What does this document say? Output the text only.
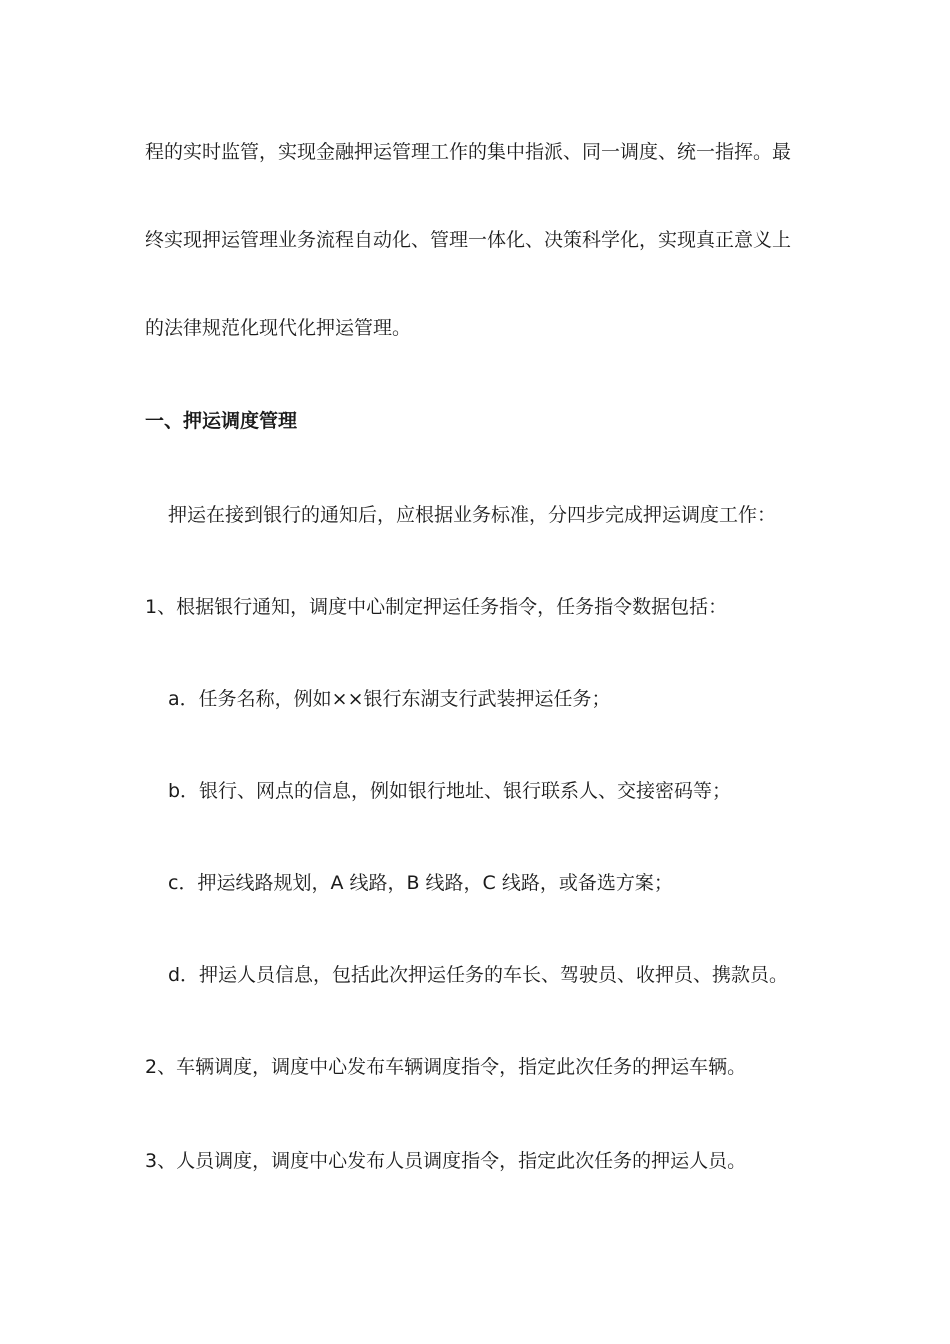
程的实时监管，实现金融押运管理工作的集中指派、同一调度、统一指挥。最

终实现押运管理业务流程自动化、管理一体化、决策科学化，实现真正意义上

的法律规范化现代化押运管理。

一、押运调度管理

押运在接到银行的通知后，应根据业务标准，分四步完成押运调度工作：

1、根据银行通知，调度中心制定押运任务指令，任务指令数据包括：

a．任务名称，例如××银行东湖支行武装押运任务；

b．银行、网点的信息，例如银行地址、银行联系人、交接密码等；

c．押运线路规划，A 线路，B 线路，C 线路，或备选方案；

d．押运人员信息，包括此次押运任务的车长、驾驶员、收押员、携款员。

2、车辆调度，调度中心发布车辆调度指令，指定此次任务的押运车辆。

3、人员调度，调度中心发布人员调度指令，指定此次任务的押运人员。
